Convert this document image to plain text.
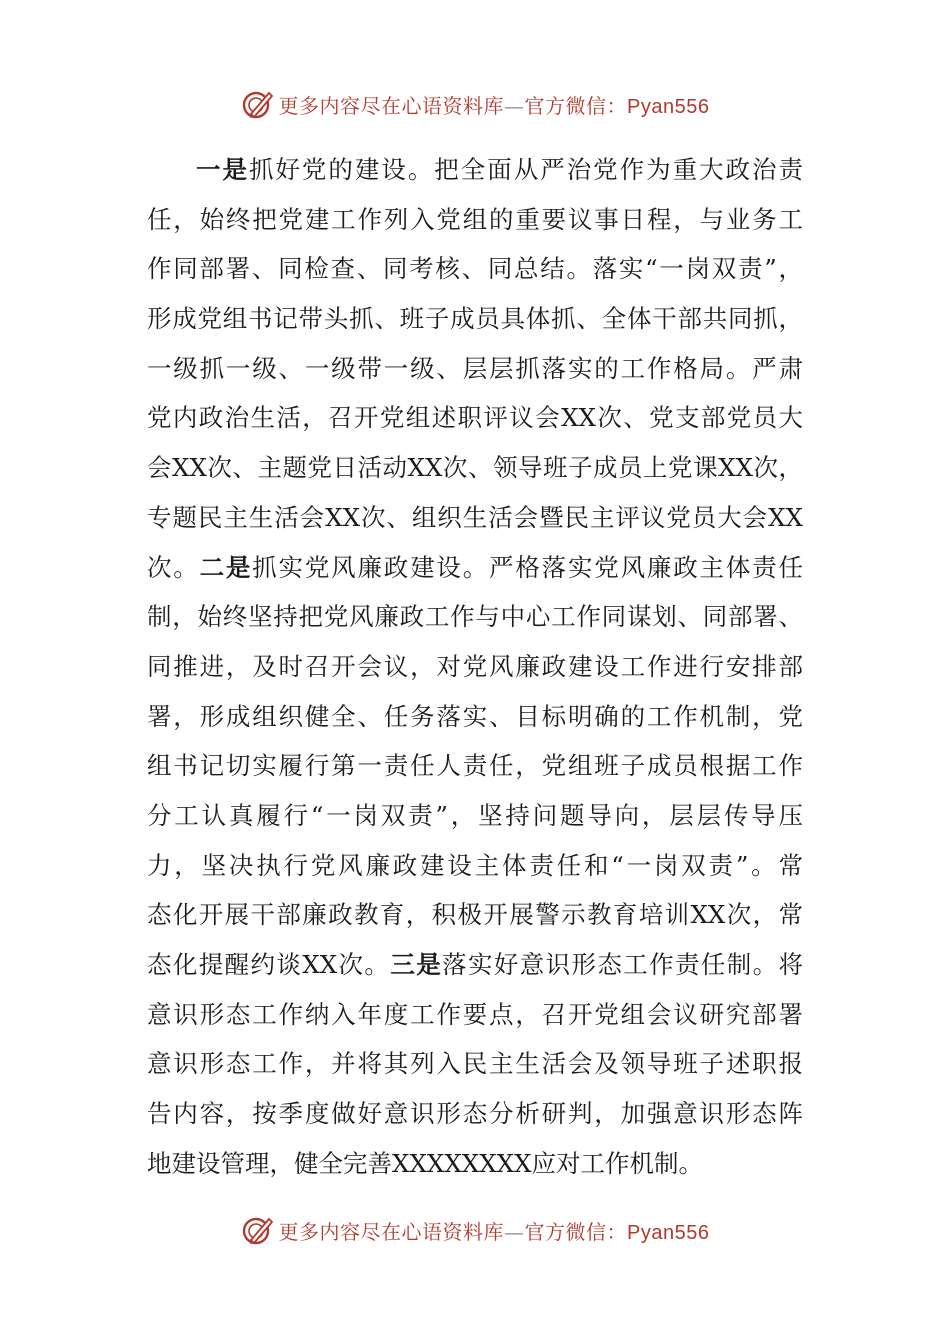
更多内容尽在心语资料库—官方微信：Pyan556
一是抓好党的建设。把全面从严治党作为重大政治责
任，始终把党建工作列入党组的重要议事日程，与业务工
作同部署、同检查、同考核、同总结。落实“一岗双责”，
形成党组书记带头抓、班子成员具体抓、全体干部共同抓，
一级抓一级、一级带一级、层层抓落实的工作格局。严肃
党内政治生活，召开党组述职评议会XX次、党支部党员大
会XX次、主题党日活动XX次、领导班子成员上党课XX次，
专题民主生活会XX次、组织生活会暨民主评议党员大会XX
次。二是抓实党风廉政建设。严格落实党风廉政主体责任
制，始终坚持把党风廉政工作与中心工作同谋划、同部署、
同推进，及时召开会议，对党风廉政建设工作进行安排部
署，形成组织健全、任务落实、目标明确的工作机制，党
组书记切实履行第一责任人责任，党组班子成员根据工作
分工认真履行“一岗双责”，坚持问题导向，层层传导压
力，坚决执行党风廉政建设主体责任和“一岗双责”。常
态化开展干部廉政教育，积极开展警示教育培训XX次，常
态化提醒约谈XX次。三是落实好意识形态工作责任制。将
意识形态工作纳入年度工作要点，召开党组会议研究部署
意识形态工作，并将其列入民主生活会及领导班子述职报
告内容，按季度做好意识形态分析研判，加强意识形态阵
地建设管理，健全完善XXXXXXXX应对工作机制。
更多内容尽在心语资料库—官方微信：Pyan556
